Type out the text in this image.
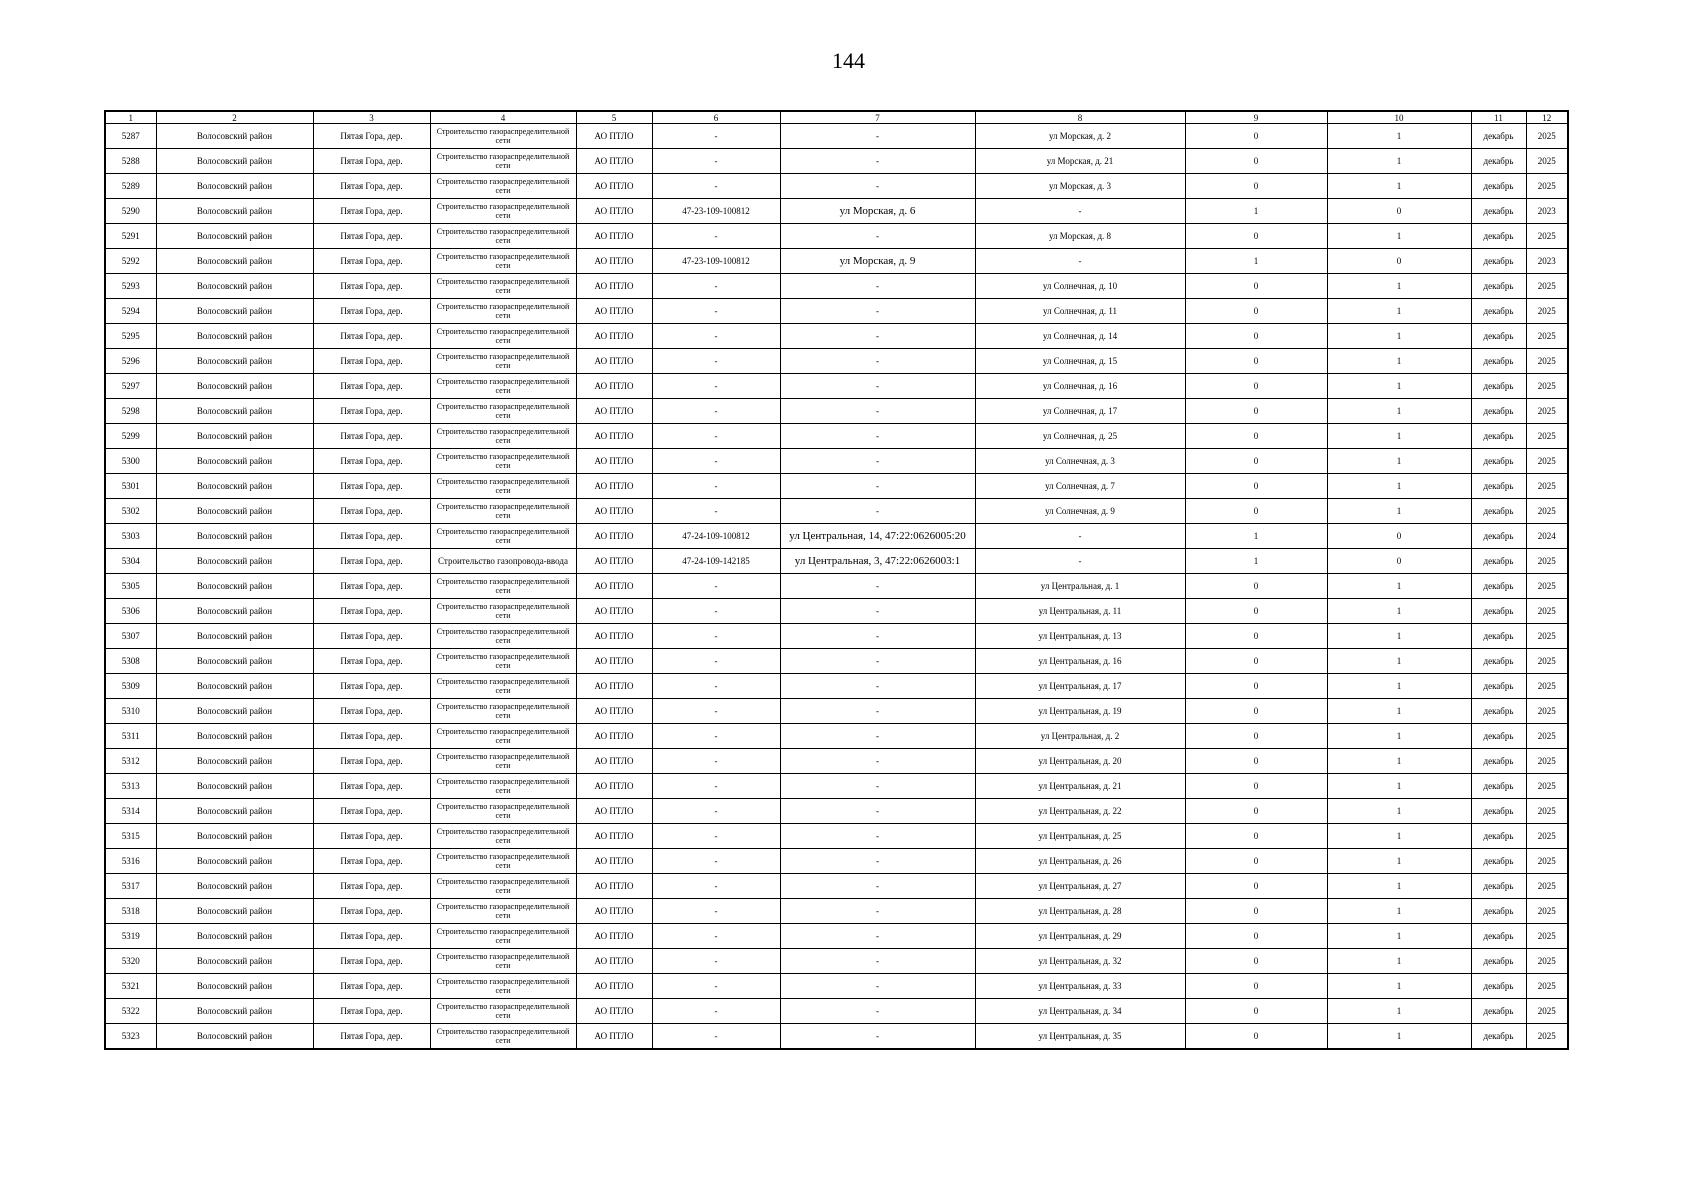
144
1	2	3	4	5	6	7	8	9	10	11	12
5287	Волосовский район	Пятая Гора, дер.	Строительство газораспределительной сети	АО ПТЛО	-	-	ул Морская, д. 2	0	1	декабрь	2025
5288	Волосовский район	Пятая Гора, дер.	Строительство газораспределительной сети	АО ПТЛО	-	-	ул Морская, д. 21	0	1	декабрь	2025
5289	Волосовский район	Пятая Гора, дер.	Строительство газораспределительной сети	АО ПТЛО	-	-	ул Морская, д. 3	0	1	декабрь	2025
5290	Волосовский район	Пятая Гора, дер.	Строительство газораспределительной сети	АО ПТЛО	47-23-109-100812	ул Морская, д. 6	-	1	0	декабрь	2023
5291	Волосовский район	Пятая Гора, дер.	Строительство газораспределительной сети	АО ПТЛО	-	-	ул Морская, д. 8	0	1	декабрь	2025
5292	Волосовский район	Пятая Гора, дер.	Строительство газораспределительной сети	АО ПТЛО	47-23-109-100812	ул Морская, д. 9	-	1	0	декабрь	2023
5293	Волосовский район	Пятая Гора, дер.	Строительство газораспределительной сети	АО ПТЛО	-	-	ул Солнечная, д. 10	0	1	декабрь	2025
5294	Волосовский район	Пятая Гора, дер.	Строительство газораспределительной сети	АО ПТЛО	-	-	ул Солнечная, д. 11	0	1	декабрь	2025
5295	Волосовский район	Пятая Гора, дер.	Строительство газораспределительной сети	АО ПТЛО	-	-	ул Солнечная, д. 14	0	1	декабрь	2025
5296	Волосовский район	Пятая Гора, дер.	Строительство газораспределительной сети	АО ПТЛО	-	-	ул Солнечная, д. 15	0	1	декабрь	2025
5297	Волосовский район	Пятая Гора, дер.	Строительство газораспределительной сети	АО ПТЛО	-	-	ул Солнечная, д. 16	0	1	декабрь	2025
5298	Волосовский район	Пятая Гора, дер.	Строительство газораспределительной сети	АО ПТЛО	-	-	ул Солнечная, д. 17	0	1	декабрь	2025
5299	Волосовский район	Пятая Гора, дер.	Строительство газораспределительной сети	АО ПТЛО	-	-	ул Солнечная, д. 25	0	1	декабрь	2025
5300	Волосовский район	Пятая Гора, дер.	Строительство газораспределительной сети	АО ПТЛО	-	-	ул Солнечная, д. 3	0	1	декабрь	2025
5301	Волосовский район	Пятая Гора, дер.	Строительство газораспределительной сети	АО ПТЛО	-	-	ул Солнечная, д. 7	0	1	декабрь	2025
5302	Волосовский район	Пятая Гора, дер.	Строительство газораспределительной сети	АО ПТЛО	-	-	ул Солнечная, д. 9	0	1	декабрь	2025
5303	Волосовский район	Пятая Гора, дер.	Строительство газораспределительной сети	АО ПТЛО	47-24-109-100812	ул Центральная, 14, 47:22:0626005:20	-	1	0	декабрь	2024
5304	Волосовский район	Пятая Гора, дер.	Строительство газопровода-ввода	АО ПТЛО	47-24-109-142185	ул Центральная, 3, 47:22:0626003:1	-	1	0	декабрь	2025
5305	Волосовский район	Пятая Гора, дер.	Строительство газораспределительной сети	АО ПТЛО	-	-	ул Центральная, д. 1	0	1	декабрь	2025
5306	Волосовский район	Пятая Гора, дер.	Строительство газораспределительной сети	АО ПТЛО	-	-	ул Центральная, д. 11	0	1	декабрь	2025
5307	Волосовский район	Пятая Гора, дер.	Строительство газораспределительной сети	АО ПТЛО	-	-	ул Центральная, д. 13	0	1	декабрь	2025
5308	Волосовский район	Пятая Гора, дер.	Строительство газораспределительной сети	АО ПТЛО	-	-	ул Центральная, д. 16	0	1	декабрь	2025
5309	Волосовский район	Пятая Гора, дер.	Строительство газораспределительной сети	АО ПТЛО	-	-	ул Центральная, д. 17	0	1	декабрь	2025
5310	Волосовский район	Пятая Гора, дер.	Строительство газораспределительной сети	АО ПТЛО	-	-	ул Центральная, д. 19	0	1	декабрь	2025
5311	Волосовский район	Пятая Гора, дер.	Строительство газораспределительной сети	АО ПТЛО	-	-	ул Центральная, д. 2	0	1	декабрь	2025
5312	Волосовский район	Пятая Гора, дер.	Строительство газораспределительной сети	АО ПТЛО	-	-	ул Центральная, д. 20	0	1	декабрь	2025
5313	Волосовский район	Пятая Гора, дер.	Строительство газораспределительной сети	АО ПТЛО	-	-	ул Центральная, д. 21	0	1	декабрь	2025
5314	Волосовский район	Пятая Гора, дер.	Строительство газораспределительной сети	АО ПТЛО	-	-	ул Центральная, д. 22	0	1	декабрь	2025
5315	Волосовский район	Пятая Гора, дер.	Строительство газораспределительной сети	АО ПТЛО	-	-	ул Центральная, д. 25	0	1	декабрь	2025
5316	Волосовский район	Пятая Гора, дер.	Строительство газораспределительной сети	АО ПТЛО	-	-	ул Центральная, д. 26	0	1	декабрь	2025
5317	Волосовский район	Пятая Гора, дер.	Строительство газораспределительной сети	АО ПТЛО	-	-	ул Центральная, д. 27	0	1	декабрь	2025
5318	Волосовский район	Пятая Гора, дер.	Строительство газораспределительной сети	АО ПТЛО	-	-	ул Центральная, д. 28	0	1	декабрь	2025
5319	Волосовский район	Пятая Гора, дер.	Строительство газораспределительной сети	АО ПТЛО	-	-	ул Центральная, д. 29	0	1	декабрь	2025
5320	Волосовский район	Пятая Гора, дер.	Строительство газораспределительной сети	АО ПТЛО	-	-	ул Центральная, д. 32	0	1	декабрь	2025
5321	Волосовский район	Пятая Гора, дер.	Строительство газораспределительной сети	АО ПТЛО	-	-	ул Центральная, д. 33	0	1	декабрь	2025
5322	Волосовский район	Пятая Гора, дер.	Строительство газораспределительной сети	АО ПТЛО	-	-	ул Центральная, д. 34	0	1	декабрь	2025
5323	Волосовский район	Пятая Гора, дер.	Строительство газораспределительной сети	АО ПТЛО	-	-	ул Центральная, д. 35	0	1	декабрь	2025
